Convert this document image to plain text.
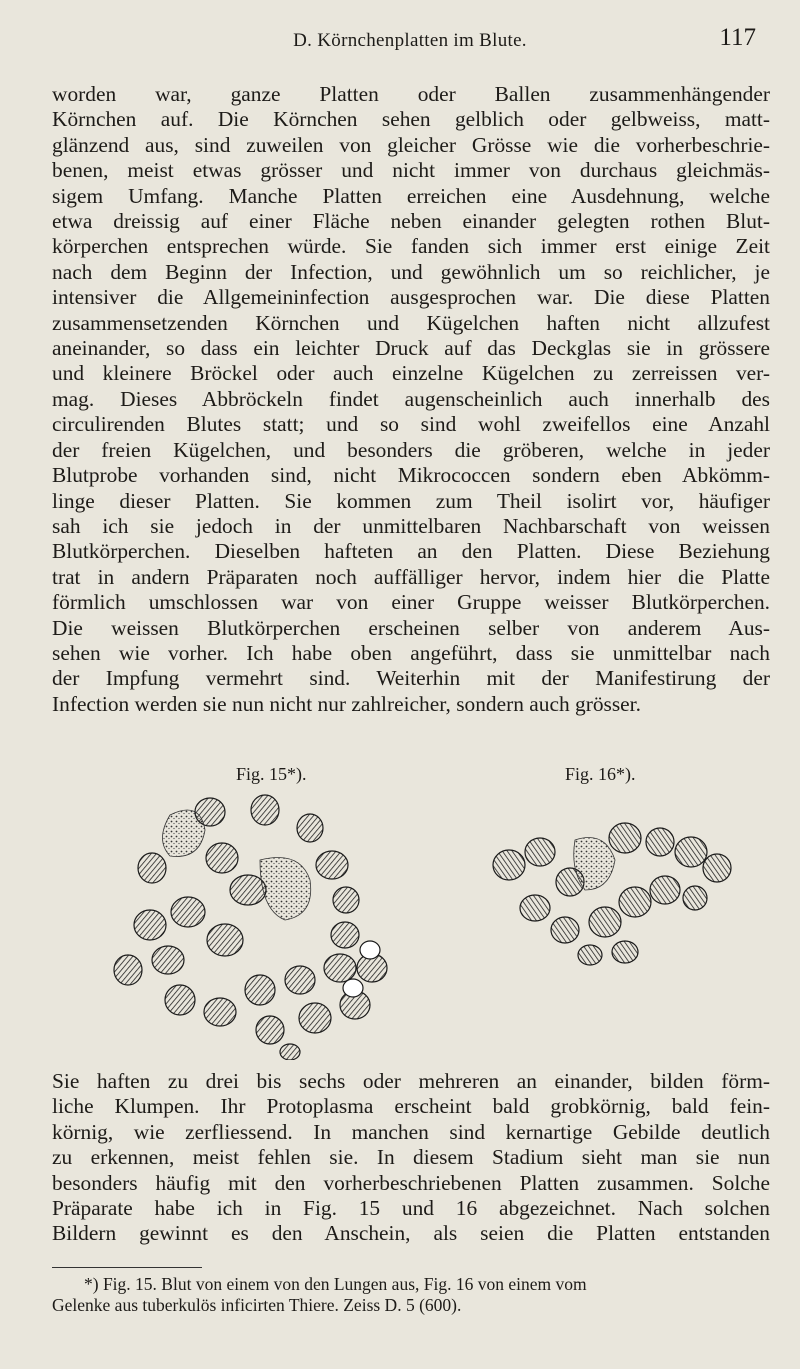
D. Körnchenplatten im Blute.	117
worden war, ganze Platten oder Ballen zusammenhängender
Körnchen auf. Die Körnchen sehen gelblich oder gelbweiss, matt-
glänzend aus, sind zuweilen von gleicher Grösse wie die vorherbeschrie-
benen, meist etwas grösser und nicht immer von durchaus gleichmäs-
sigem Umfang. Manche Platten erreichen eine Ausdehnung, welche
etwa dreissig auf einer Fläche neben einander gelegten rothen Blut-
körperchen entsprechen würde. Sie fanden sich immer erst einige Zeit
nach dem Beginn der Infection, und gewöhnlich um so reichlicher, je
intensiver die Allgemeininfection ausgesprochen war. Die diese Platten
zusammensetzenden Körnchen und Kügelchen haften nicht allzufest
aneinander, so dass ein leichter Druck auf das Deckglas sie in grössere
und kleinere Bröckel oder auch einzelne Kügelchen zu zerreissen ver-
mag. Dieses Abbröckeln findet augenscheinlich auch innerhalb des
circulirenden Blutes statt; und so sind wohl zweifellos eine Anzahl
der freien Kügelchen, und besonders die gröberen, welche in jeder
Blutprobe vorhanden sind, nicht Mikrococcen sondern eben Abkömm-
linge dieser Platten. Sie kommen zum Theil isolirt vor, häufiger
sah ich sie jedoch in der unmittelbaren Nachbarschaft von weissen
Blutkörperchen. Dieselben hafteten an den Platten. Diese Beziehung
trat in andern Präparaten noch auffälliger hervor, indem hier die Platte
förmlich umschlossen war von einer Gruppe weisser Blutkörperchen.
Die weissen Blutkörperchen erscheinen selber von anderem Aus-
sehen wie vorher. Ich habe oben angeführt, dass sie unmittelbar nach
der Impfung vermehrt sind. Weiterhin mit der Manifestirung der
Infection werden sie nun nicht nur zahlreicher, sondern auch grösser.
Fig. 15*).	Fig. 16*).
Sie haften zu drei bis sechs oder mehreren an einander, bilden förm-
liche Klumpen. Ihr Protoplasma erscheint bald grobkörnig, bald fein-
körnig, wie zerfliessend. In manchen sind kernartige Gebilde deutlich
zu erkennen, meist fehlen sie. In diesem Stadium sieht man sie nun
besonders häufig mit den vorherbeschriebenen Platten zusammen. Solche
Präparate habe ich in Fig. 15 und 16 abgezeichnet. Nach solchen
Bildern gewinnt es den Anschein, als seien die Platten entstanden
*) Fig. 15. Blut von einem von den Lungen aus, Fig. 16 von einem vom
Gelenke aus tuberkulös inficirten Thiere. Zeiss D. 5 (600).
